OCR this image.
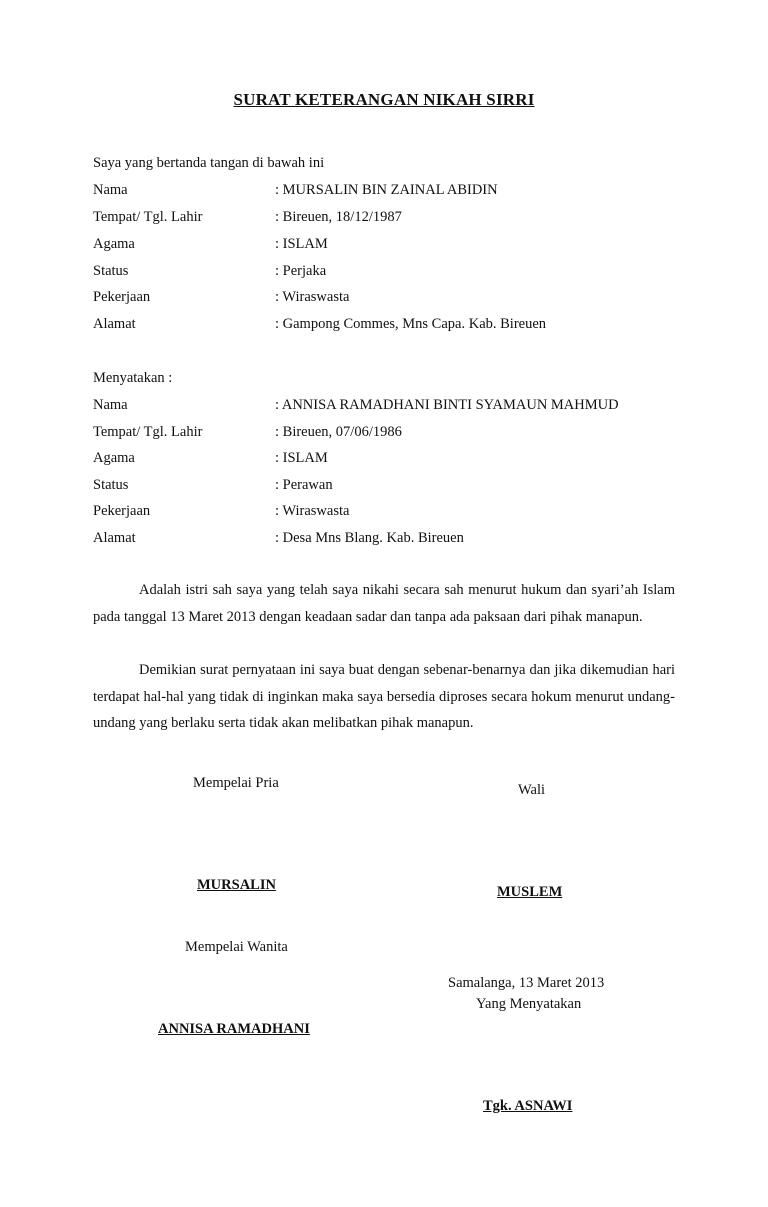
SURAT KETERANGAN NIKAH SIRRI
Saya yang bertanda tangan di bawah ini
Nama	: MURSALIN BIN ZAINAL ABIDIN
Tempat/ Tgl. Lahir	: Bireuen, 18/12/1987
Agama	: ISLAM
Status	: Perjaka
Pekerjaan	: Wiraswasta
Alamat	: Gampong Commes, Mns Capa. Kab. Bireuen
Menyatakan :
Nama	: ANNISA RAMADHANI BINTI SYAMAUN MAHMUD
Tempat/ Tgl. Lahir	: Bireuen, 07/06/1986
Agama	: ISLAM
Status	: Perawan
Pekerjaan	: Wiraswasta
Alamat	: Desa Mns Blang. Kab. Bireuen
Adalah istri sah saya yang telah saya nikahi secara sah menurut hukum dan syari’ah Islam pada tanggal 13 Maret 2013 dengan keadaan sadar dan tanpa ada paksaan dari pihak manapun.
Demikian surat pernyataan ini saya buat dengan sebenar-benarnya dan jika dikemudian hari terdapat hal-hal yang tidak di inginkan maka saya bersedia diproses secara hokum menurut undang-undang yang berlaku serta tidak akan melibatkan pihak manapun.
Mempelai Pria	Wali
MURSALIN	MUSLEM
Mempelai Wanita
Samalanga, 13 Maret 2013
Yang Menyatakan
ANNISA RAMADHANI
Tgk. ASNAWI
